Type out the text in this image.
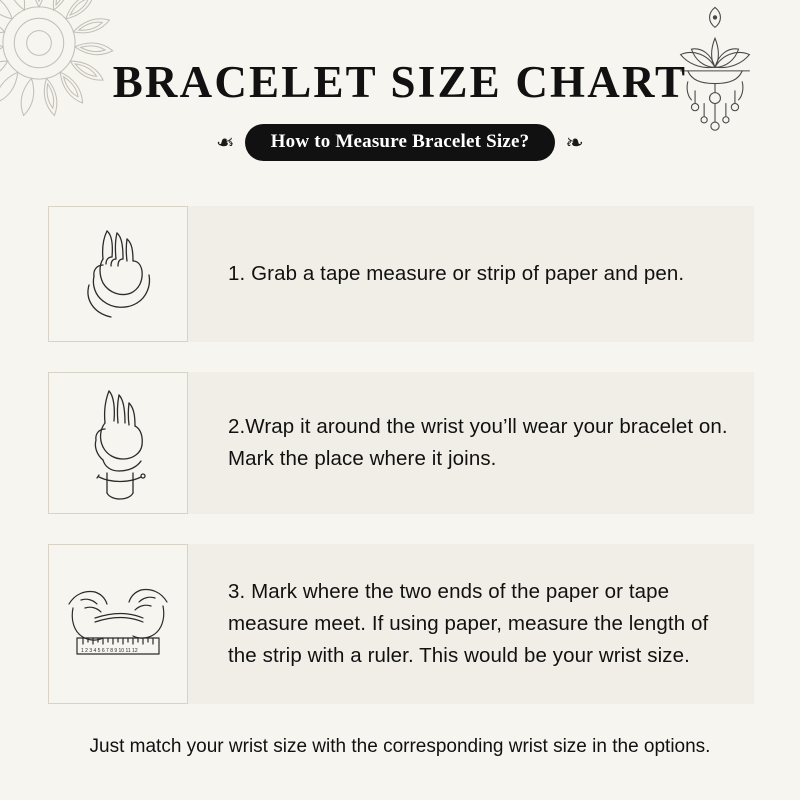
BRACELET SIZE CHART
❧	How to Measure Bracelet Size?	❧
1. Grab a tape measure or strip of paper and pen.
2.Wrap it around the wrist you’ll wear your bracelet on. Mark the place where it joins.
1 2 3 4 5 6 7 8 9 10 11 12
3. Mark where the two ends of the paper or tape measure meet. If using paper, measure the length of the strip with a ruler. This would be your wrist size.
Just match your wrist size with the corresponding wrist size in the options.
